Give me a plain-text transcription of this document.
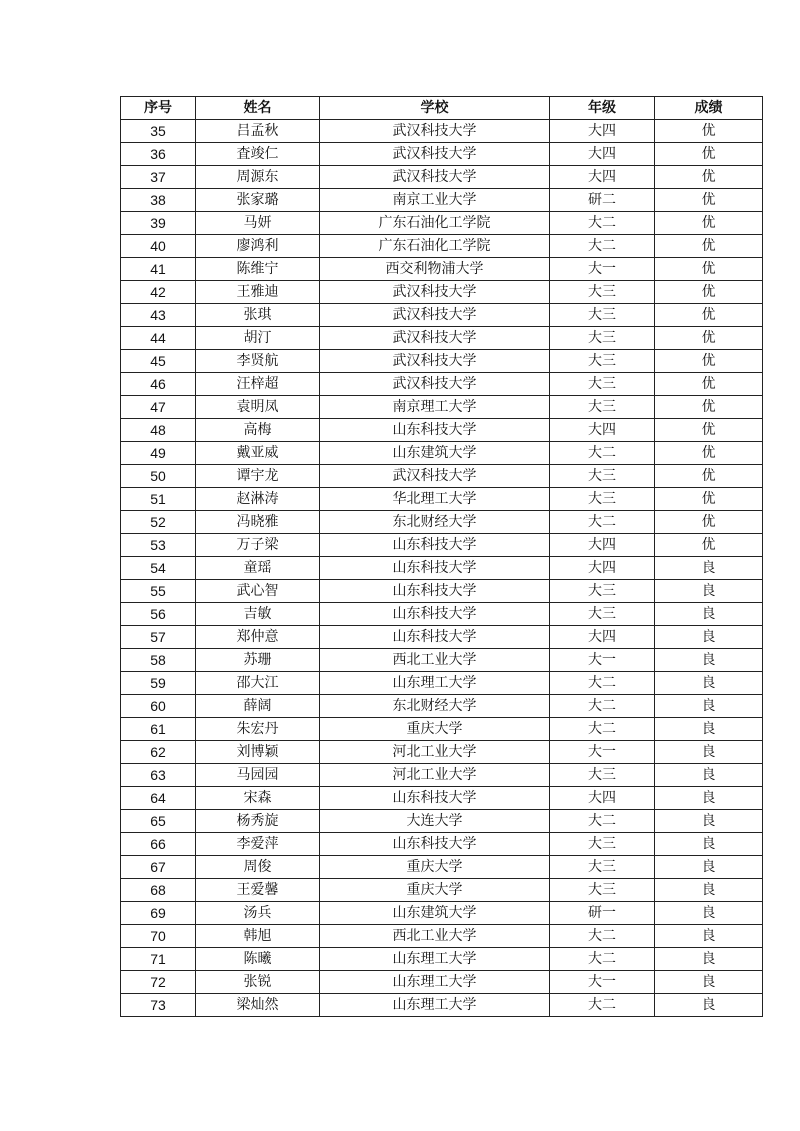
序号	姓名	学校	年级	成绩
35	吕孟秋	武汉科技大学	大四	优
36	査竣仁	武汉科技大学	大四	优
37	周源东	武汉科技大学	大四	优
38	张家璐	南京工业大学	研二	优
39	马妍	广东石油化工学院	大二	优
40	廖鸿利	广东石油化工学院	大二	优
41	陈维宁	西交利物浦大学	大一	优
42	王雅迪	武汉科技大学	大三	优
43	张琪	武汉科技大学	大三	优
44	胡汀	武汉科技大学	大三	优
45	李贤航	武汉科技大学	大三	优
46	汪梓超	武汉科技大学	大三	优
47	袁明凤	南京理工大学	大三	优
48	高梅	山东科技大学	大四	优
49	戴亚威	山东建筑大学	大二	优
50	谭宇龙	武汉科技大学	大三	优
51	赵淋涛	华北理工大学	大三	优
52	冯晓雅	东北财经大学	大二	优
53	万子梁	山东科技大学	大四	优
54	童瑶	山东科技大学	大四	良
55	武心智	山东科技大学	大三	良
56	吉敏	山东科技大学	大三	良
57	郑仲意	山东科技大学	大四	良
58	苏珊	西北工业大学	大一	良
59	邵大江	山东理工大学	大二	良
60	薛阔	东北财经大学	大二	良
61	朱宏丹	重庆大学	大二	良
62	刘博颖	河北工业大学	大一	良
63	马园园	河北工业大学	大三	良
64	宋森	山东科技大学	大四	良
65	杨秀旋	大连大学	大二	良
66	李爱萍	山东科技大学	大三	良
67	周俊	重庆大学	大三	良
68	王爱馨	重庆大学	大三	良
69	汤兵	山东建筑大学	研一	良
70	韩旭	西北工业大学	大二	良
71	陈曦	山东理工大学	大二	良
72	张锐	山东理工大学	大一	良
73	梁灿然	山东理工大学	大二	良
